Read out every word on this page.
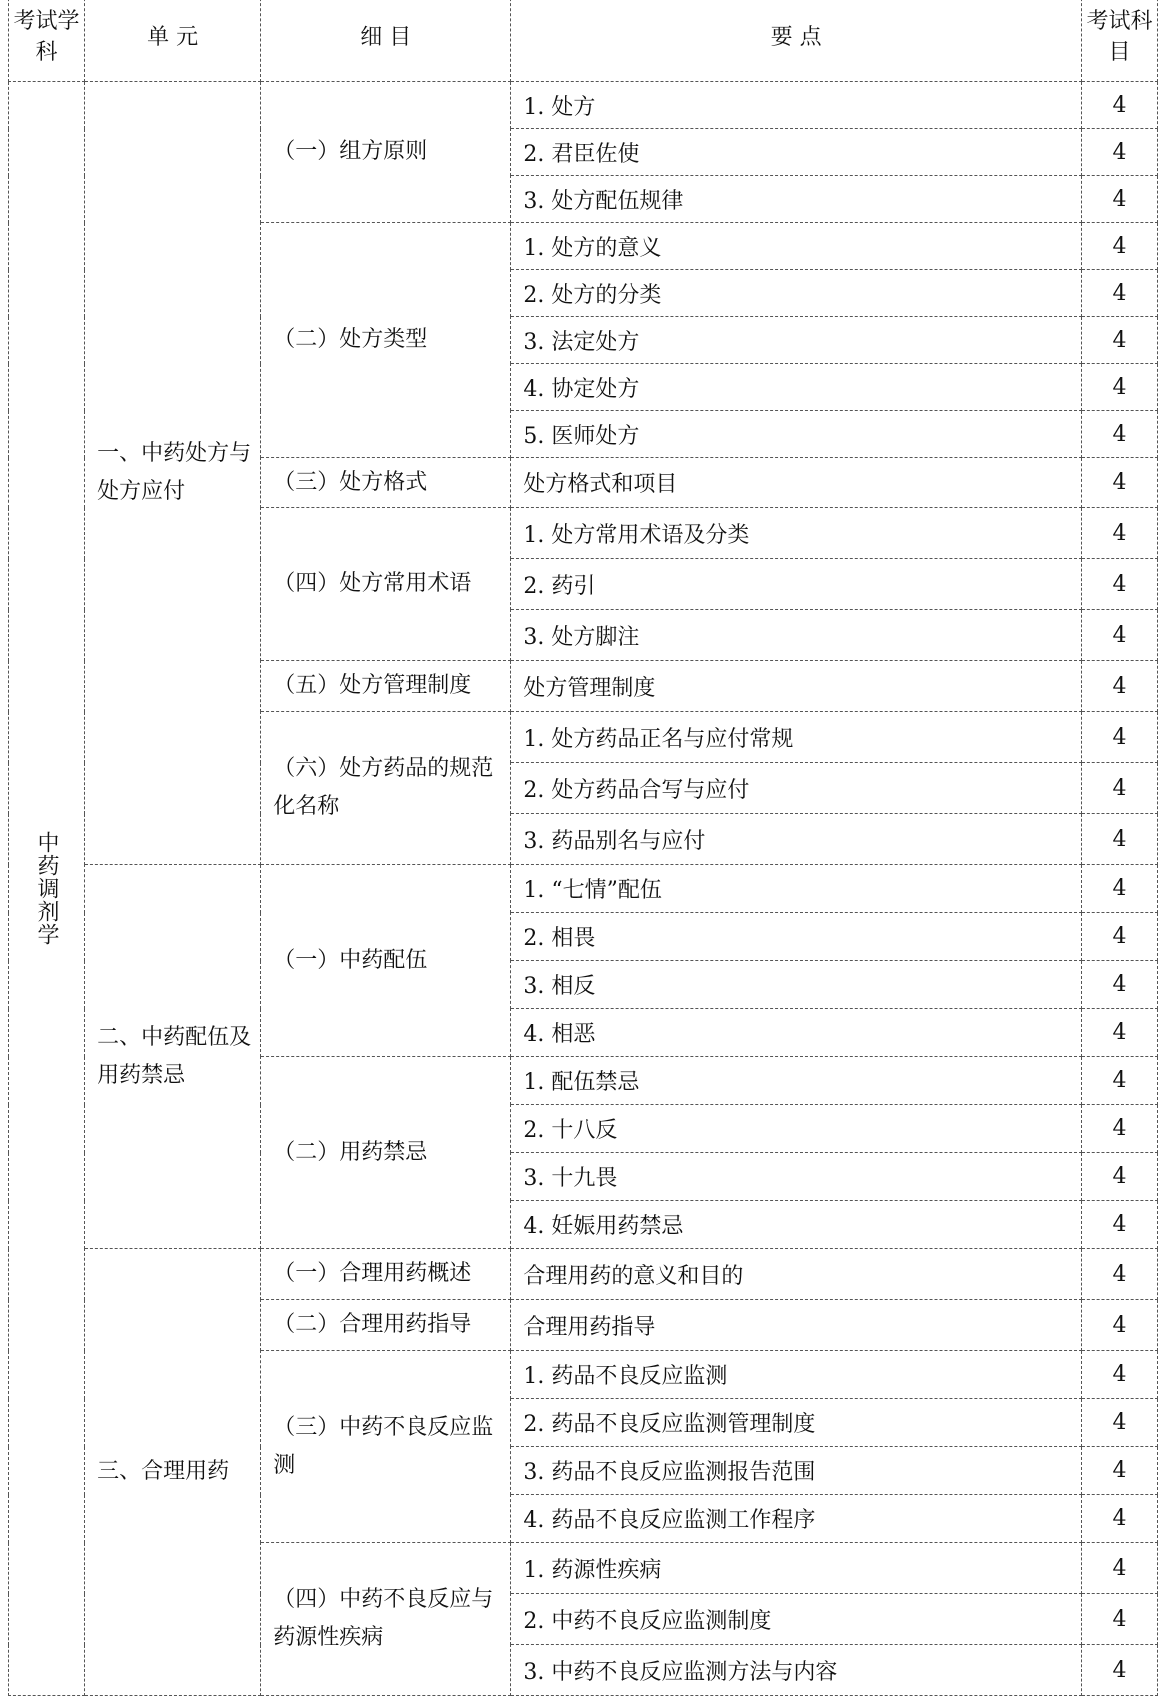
考试学科	单 元	细 目	要 点	考试科目

中药调剂学	一、中药处方与处方应付	（一）组方原则	1. 处方	4
			2. 君臣佐使	4
			3. 处方配伍规律	4
		（二）处方类型	1. 处方的意义	4
			2. 处方的分类	4
			3. 法定处方	4
			4. 协定处方	4
			5. 医师处方	4
		（三）处方格式	处方格式和项目	4
		（四）处方常用术语	1. 处方常用术语及分类	4
			2. 药引	4
			3. 处方脚注	4
		（五）处方管理制度	处方管理制度	4
		（六）处方药品的规范化名称	1. 处方药品正名与应付常规	4
			2. 处方药品合写与应付	4
			3. 药品别名与应付	4
	二、中药配伍及用药禁忌	（一）中药配伍	1. “七情”配伍	4
			2. 相畏	4
			3. 相反	4
			4. 相恶	4
		（二）用药禁忌	1. 配伍禁忌	4
			2. 十八反	4
			3. 十九畏	4
			4. 妊娠用药禁忌	4
	三、合理用药	（一）合理用药概述	合理用药的意义和目的	4
		（二）合理用药指导	合理用药指导	4
		（三）中药不良反应监测	1. 药品不良反应监测	4
			2. 药品不良反应监测管理制度	4
			3. 药品不良反应监测报告范围	4
			4. 药品不良反应监测工作程序	4
		（四）中药不良反应与药源性疾病	1. 药源性疾病	4
			2. 中药不良反应监测制度	4
			3. 中药不良反应监测方法与内容	4
